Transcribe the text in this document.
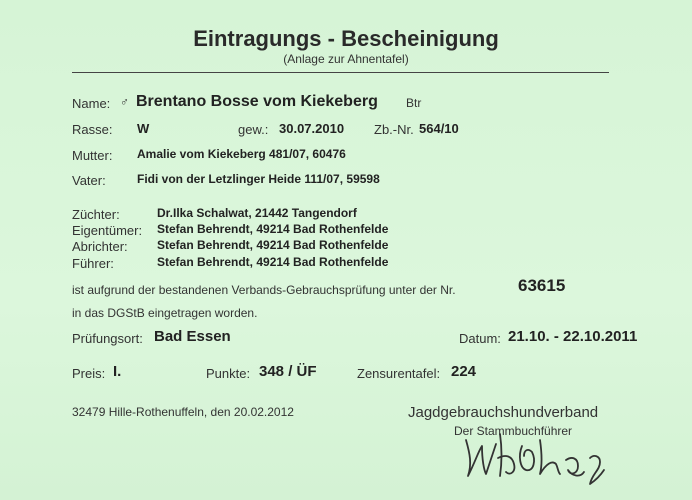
Eintragungs - Bescheinigung
(Anlage zur Ahnentafel)
Name: ♂ Brentano Bosse vom Kiekeberg Btr
Rasse: W	gew.: 30.07.2010 Zb.-Nr. 564/10
Mutter: Amalie vom Kiekeberg 481/07, 60476
Vater:	Fidi von der Letzlinger Heide 111/07, 59598
Züchter:	Dr.Ilka Schalwat, 21442 Tangendorf
Eigentümer: Stefan Behrendt, 49214 Bad Rothenfelde
Abrichter: Stefan Behrendt, 49214 Bad Rothenfelde
Führer:	Stefan Behrendt, 49214 Bad Rothenfelde
ist aufgrund der bestandenen Verbands-Gebrauchsprüfung unter der Nr.	63615
in das DGStB eingetragen worden.
Prüfungsort: Bad Essen	Datum: 21.10. - 22.10.2011
Preis: I.	Punkte: 348 / ÜF	Zensurentafel: 224
32479 Hille-Rothenuffeln, den 20.02.2012	Jagdgebrauchshundverband
Der Stammbuchführer
